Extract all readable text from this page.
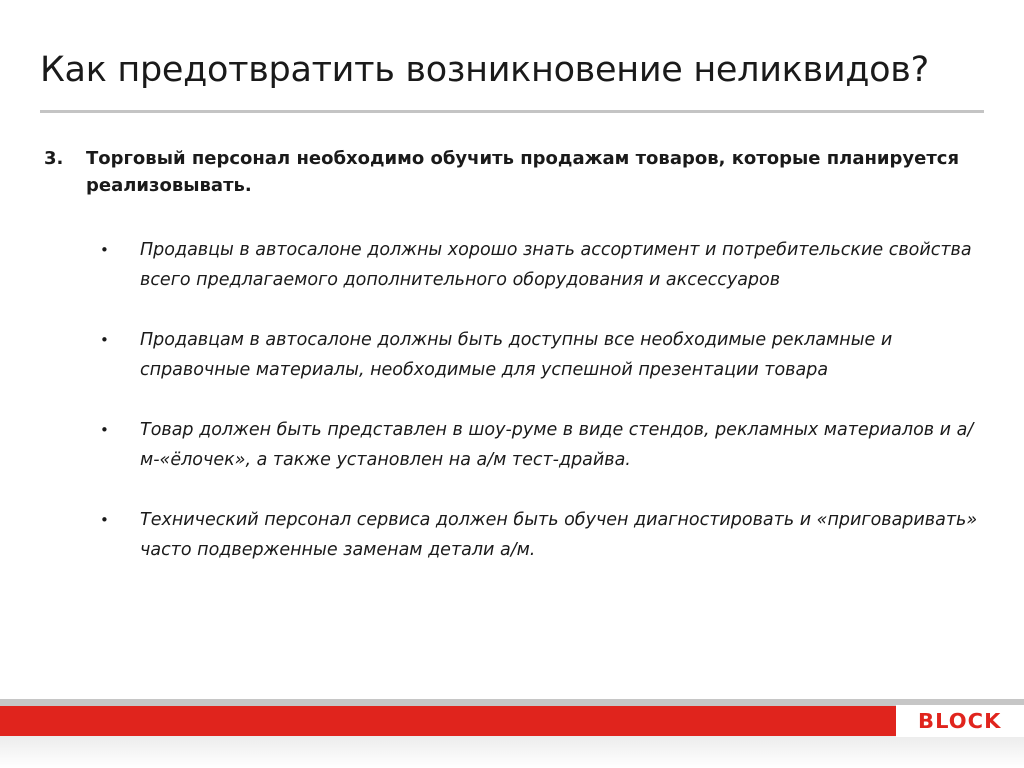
Как предотвратить возникновение неликвидов?
3. Торговый персонал необходимо обучить продажам товаров, которые планируется реализовывать.
• Продавцы в автосалоне должны хорошо знать ассортимент и потребительские свойства всего предлагаемого дополнительного оборудования и аксессуаров
• Продавцам в автосалоне должны быть доступны все необходимые рекламные и справочные материалы, необходимые для успешной презентации товара
• Товар должен быть представлен в шоу-руме в виде стендов, рекламных материалов и а/м-«ёлочек», а также установлен на а/м тест-драйва.
• Технический персонал сервиса должен быть обучен диагностировать и «приговаривать» часто подверженные заменам детали а/м.
BLOCK
